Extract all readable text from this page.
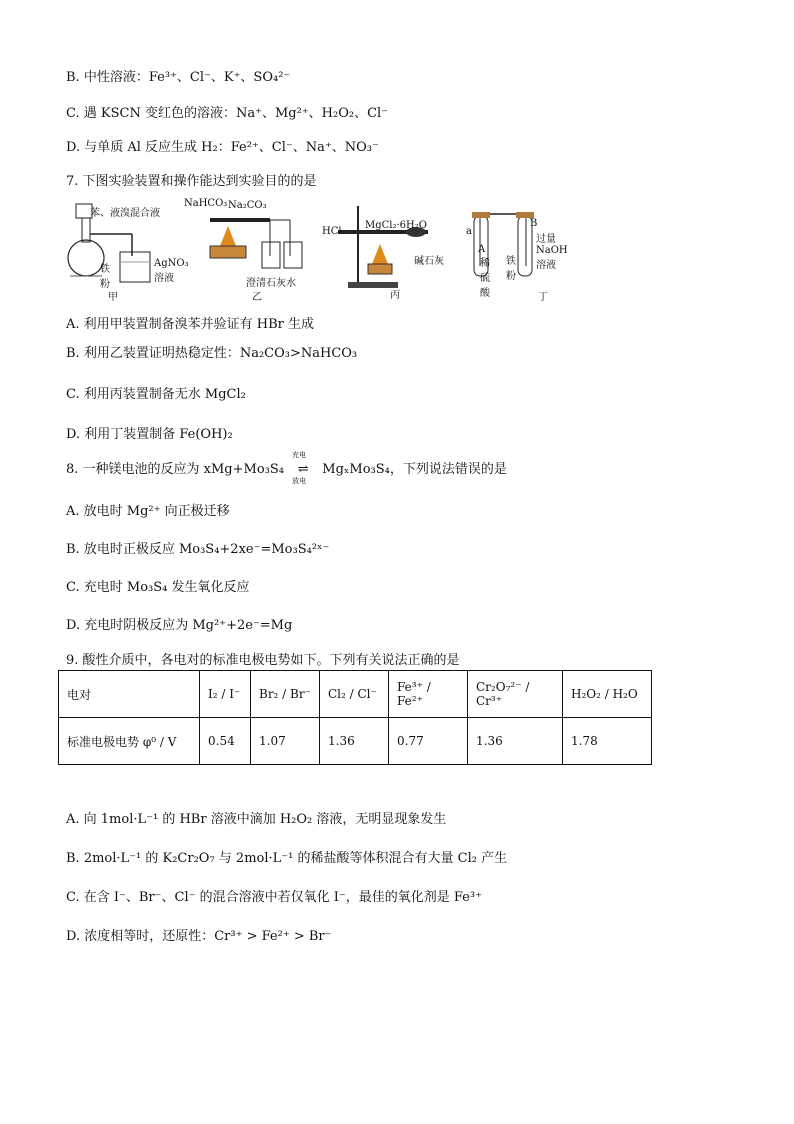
B. 中性溶液：Fe³⁺、Cl⁻、K⁺、SO₄²⁻
C. 遇 KSCN 变红色的溶液：Na⁺、Mg²⁺、H₂O₂、Cl⁻
D. 与单质 Al 反应生成 H₂：Fe²⁺、Cl⁻、Na⁺、NO₃⁻
7. 下图实验装置和操作能达到实验目的的是
苯、液溴混合液
铁粉
AgNO₃溶液
甲
NaHCO₃ Na₂CO₃
澄清石灰水
乙
HCl
MgCl₂·6H₂O
碱石灰
丙
a
A
B
稀硫酸
铁粉
过量NaOH溶液
丁
A. 利用甲装置制备溴苯并验证有 HBr 生成
B. 利用乙装置证明热稳定性：Na₂CO₃>NaHCO₃
C. 利用丙装置制备无水 MgCl₂
D. 利用丁装置制备 Fe(OH)₂
8. 一种镁电池的反应为 xMg+Mo₃S₄
充电
⇌
放电
MgₓMo₃S₄，下列说法错误的是
A. 放电时 Mg²⁺ 向正极迁移
B. 放电时正极反应 Mo₃S₄+2xe⁻=Mo₃S₄²ˣ⁻
C. 充电时 Mo₃S₄ 发生氧化反应
D. 充电时阴极反应为 Mg²⁺+2e⁻=Mg
9. 酸性介质中，各电对的标准电极电势如下。下列有关说法正确的是
电对	I₂ / I⁻	Br₂ / Br⁻	Cl₂ / Cl⁻	Fe³⁺ / Fe²⁺	Cr₂O₇²⁻ / Cr³⁺	H₂O₂ / H₂O
标准电极电势 φ⁰ / V	0.54	1.07	1.36	0.77	1.36	1.78
A. 向 1mol·L⁻¹ 的 HBr 溶液中滴加 H₂O₂ 溶液，无明显现象发生
B. 2mol·L⁻¹ 的 K₂Cr₂O₇ 与 2mol·L⁻¹ 的稀盐酸等体积混合有大量 Cl₂ 产生
C. 在含 I⁻、Br⁻、Cl⁻ 的混合溶液中若仅氧化 I⁻，最佳的氧化剂是 Fe³⁺
D. 浓度相等时，还原性：Cr³⁺ > Fe²⁺ > Br⁻
